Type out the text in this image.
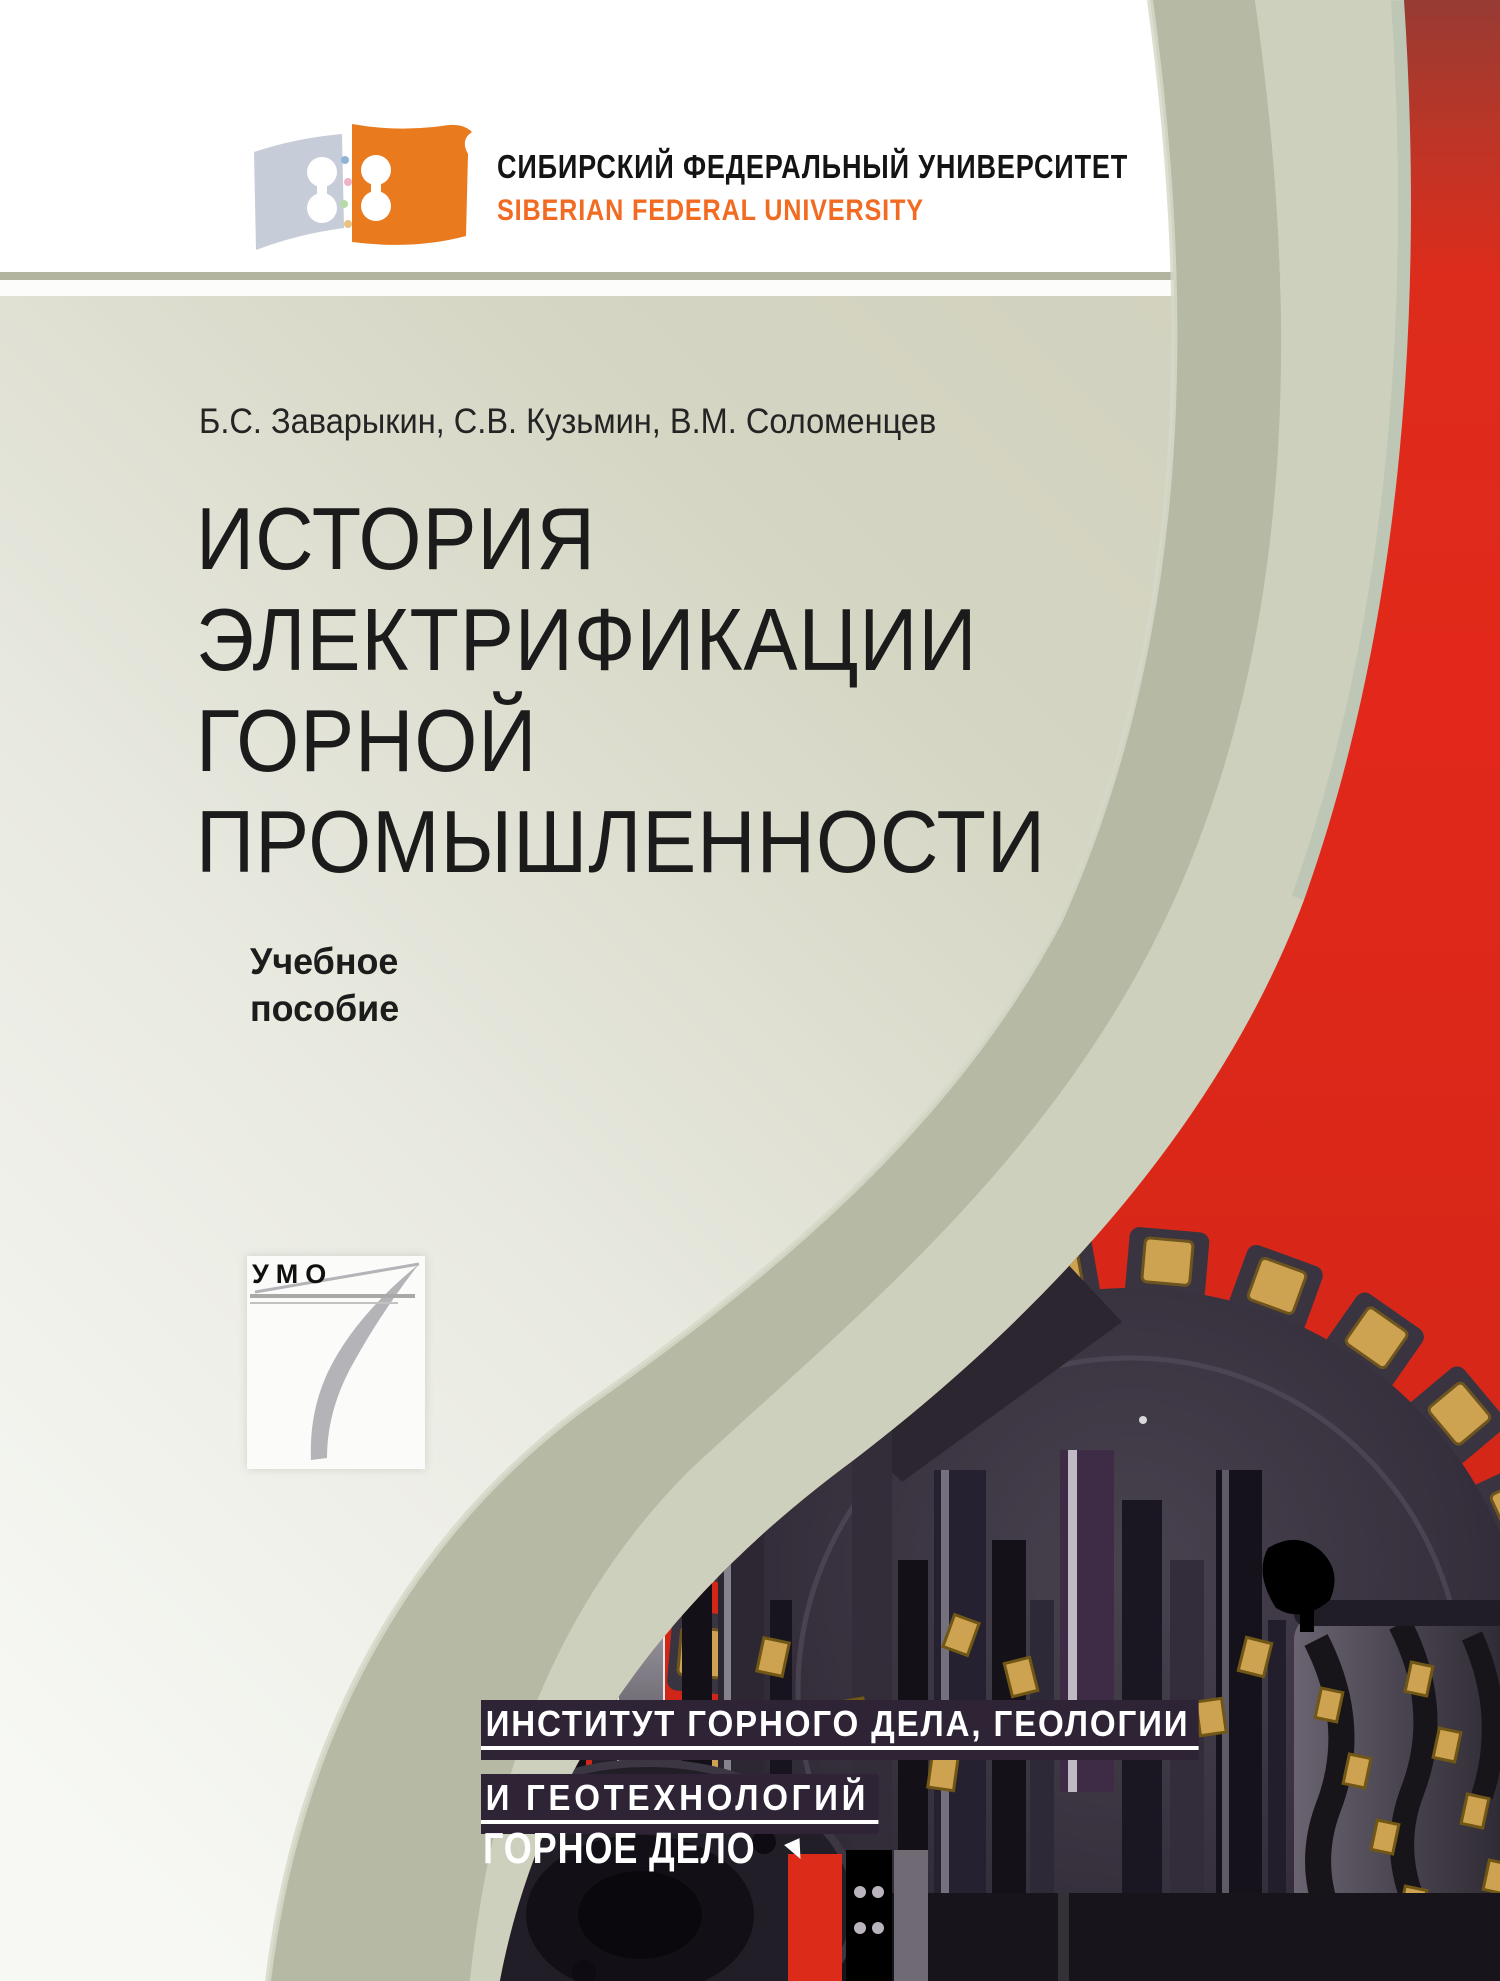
СИБИРСКИЙ ФЕДЕРАЛЬНЫЙ УНИВЕРСИТЕТ
SIBERIAN FEDERAL UNIVERSITY
Б.С. Заварыкин, С.В. Кузьмин, В.М. Соломенцев
ИСТОРИЯ
ЭЛЕКТРИФИКАЦИИ
ГОРНОЙ
ПРОМЫШЛЕННОСТИ
Учебное
пособие
УМО
ИНСТИТУТ ГОРНОГО ДЕЛА, ГЕОЛОГИИ
И ГЕОТЕХНОЛОГИЙ
ГОРНОЕ ДЕЛО
